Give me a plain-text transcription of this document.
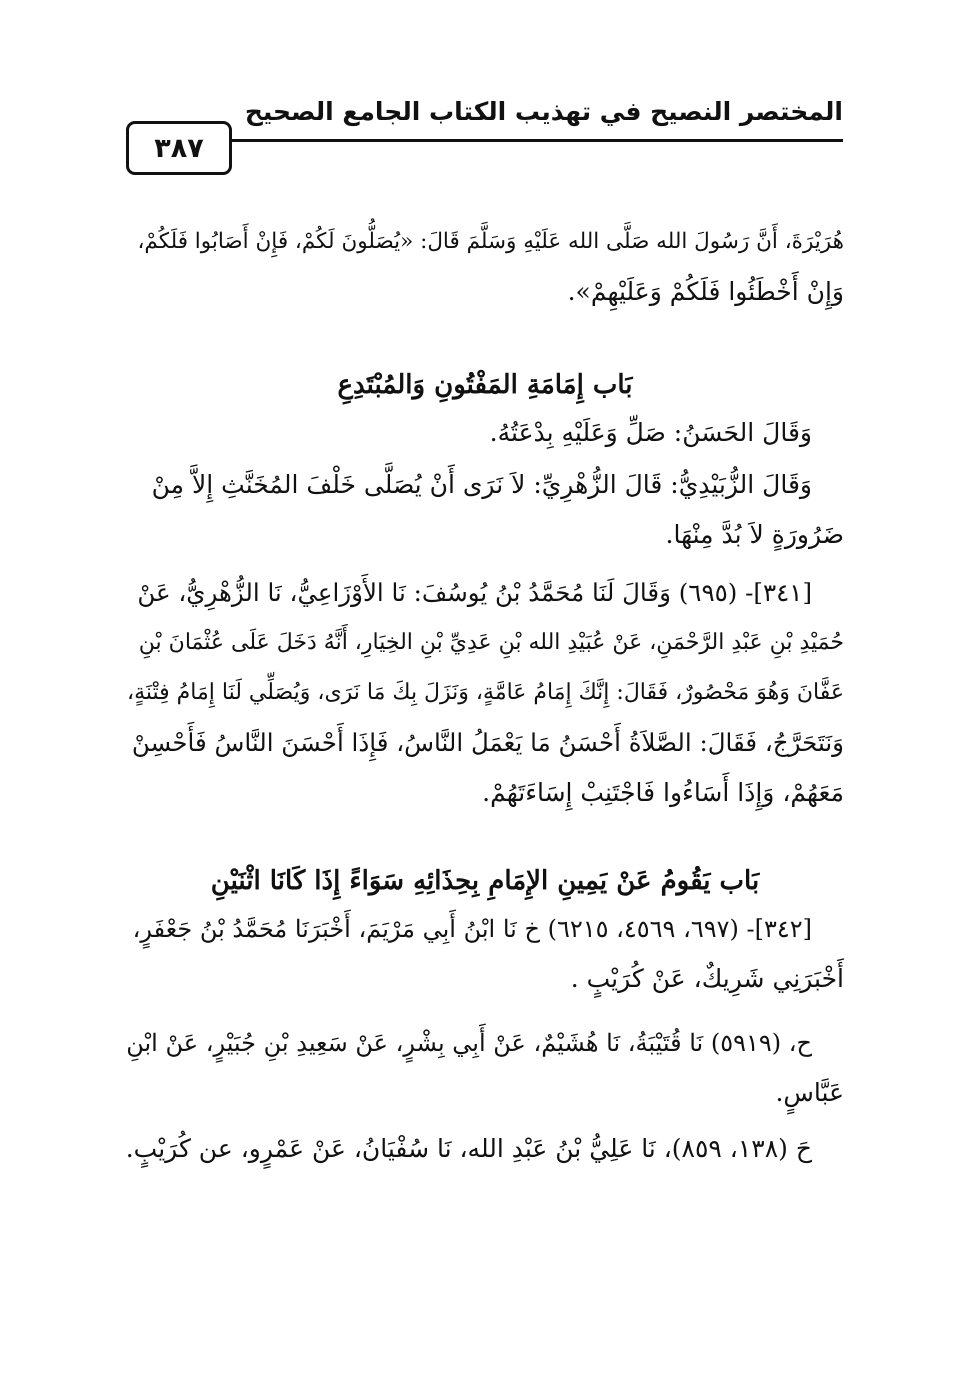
المختصر النصيح في تهذيب الكتاب الجامع الصحيح
٣٨٧
هُرَيْرَةَ، أَنَّ رَسُولَ الله صَلَّى الله عَلَيْهِ وَسَلَّمَ قَالَ: «يُصَلُّونَ لَكُمْ، فَإِنْ أَصَابُوا فَلَكُمْ،
وَإِنْ أَخْطَئُوا فَلَكُمْ وَعَلَيْهِمْ».
بَاب إِمَامَةِ المَفْتُونِ وَالمُبْتَدِعِ
وَقَالَ الحَسَنُ: صَلِّ وَعَلَيْهِ بِدْعَتُهُ.
وَقَالَ الزُّبَيْدِيُّ: قَالَ الزُّهْرِيِّ: لاَ نَرَى أَنْ يُصَلَّى خَلْفَ المُخَنَّثِ إِلاَّ مِنْ
ضَرُورَةٍ لاَ بُدَّ مِنْهَا.
[٣٤١]- (٦٩٥) وَقَالَ لَنَا مُحَمَّدُ بْنُ يُوسُفَ: نَا الأَوْزَاعِيُّ، نَا الزُّهْرِيُّ، عَنْ
حُمَيْدِ بْنِ عَبْدِ الرَّحْمَنِ، عَنْ عُبَيْدِ الله بْنِ عَدِيِّ بْنِ الخِيَارِ، أَنَّهُ دَخَلَ عَلَى عُثْمَانَ بْنِ
عَفَّانَ وَهُوَ مَحْصُورٌ، فَقَالَ: إِنَّكَ إِمَامُ عَامَّةٍ، وَنَزَلَ بِكَ مَا نَرَى، وَيُصَلِّي لَنَا إِمَامُ فِتْنَةٍ،
وَنَتَحَرَّجُ، فَقَالَ: الصَّلاَةُ أَحْسَنُ مَا يَعْمَلُ النَّاسُ، فَإِذَا أَحْسَنَ النَّاسُ فَأَحْسِنْ
مَعَهُمْ، وَإِذَا أَسَاءُوا فَاجْتَنِبْ إِسَاءَتَهُمْ.
بَاب يَقُومُ عَنْ يَمِينِ الإِمَامِ بِحِذَائِهِ سَوَاءً إِذَا كَانَا اثْنَيْنِ
[٣٤٢]- (٦٩٧، ٤٥٦٩، ٦٢١٥) خ نَا ابْنُ أَبِي مَرْيَمَ، أَخْبَرَنَا مُحَمَّدُ بْنُ جَعْفَرٍ،
أَخْبَرَنِي شَرِيكٌ، عَنْ كُرَيْبٍ .
ح، (٥٩١٩) نَا قُتَيْبَةُ، نَا هُشَيْمٌ، عَنْ أَبِي بِشْرٍ، عَنْ سَعِيدِ بْنِ جُبَيْرٍ، عَنْ ابْنِ
عَبَّاسٍ.
حَ (١٣٨، ٨٥٩)، نَا عَلِيُّ بْنُ عَبْدِ الله، نَا سُفْيَانُ، عَنْ عَمْرٍو، عن كُرَيْبٍ.
